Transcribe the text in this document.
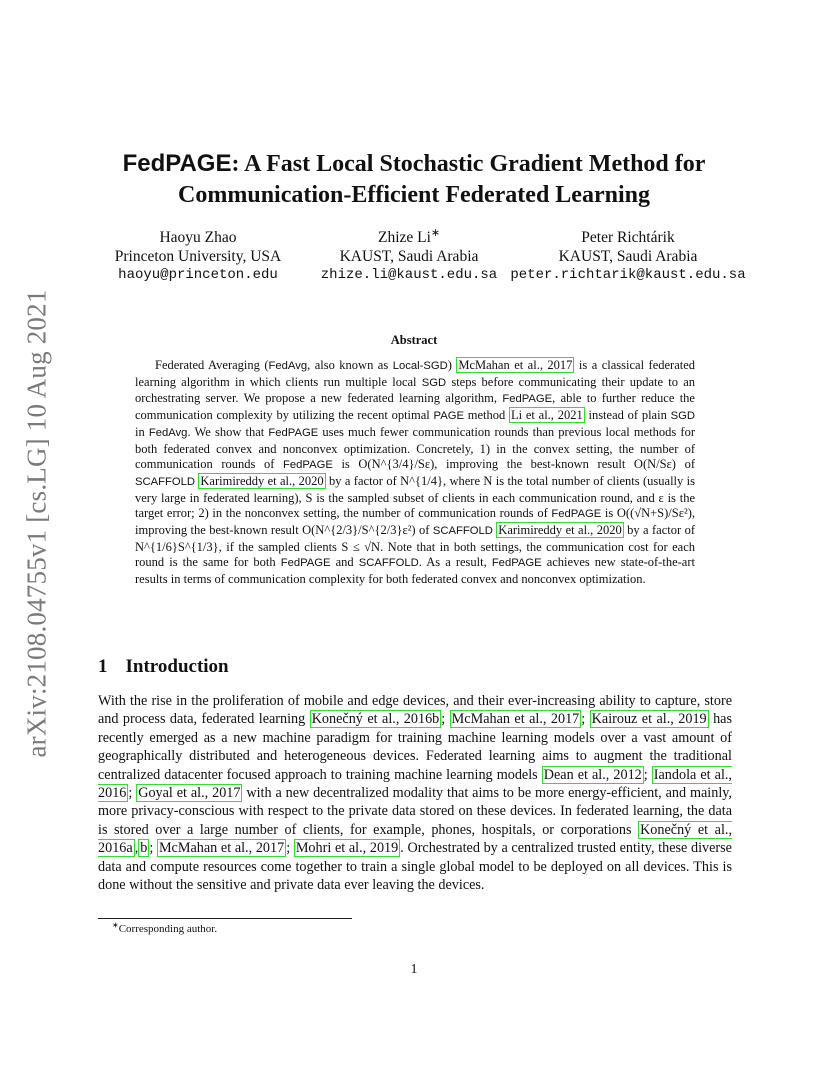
arXiv:2108.04755v1 [cs.LG] 10 Aug 2021
FedPAGE: A Fast Local Stochastic Gradient Method for
Communication-Efficient Federated Learning
Haoyu Zhao
Princeton University, USA
haoyu@princeton.edu
Zhize Li∗
KAUST, Saudi Arabia
zhize.li@kaust.edu.sa
Peter Richtárik
KAUST, Saudi Arabia
peter.richtarik@kaust.edu.sa
Abstract
Federated Averaging (FedAvg, also known as Local-SGD) McMahan et al., 2017 is a classical federated learning algorithm in which clients run multiple local SGD steps before communicating their update to an orchestrating server. We propose a new federated learning algorithm, FedPAGE, able to further reduce the communication complexity by utilizing the recent optimal PAGE method Li et al., 2021 instead of plain SGD in FedAvg. We show that FedPAGE uses much fewer communication rounds than previous local methods for both federated convex and nonconvex optimization. Concretely, 1) in the convex setting, the number of communication rounds of FedPAGE is O(N^{3/4}/Sε), improving the best-known result O(N/Sε) of SCAFFOLD Karimireddy et al., 2020 by a factor of N^{1/4}, where N is the total number of clients (usually is very large in federated learning), S is the sampled subset of clients in each communication round, and ε is the target error; 2) in the nonconvex setting, the number of communication rounds of FedPAGE is O((√N+S)/Sε²), improving the best-known result O(N^{2/3}/S^{2/3}ε²) of SCAFFOLD Karimireddy et al., 2020 by a factor of N^{1/6}S^{1/3}, if the sampled clients S ≤ √N. Note that in both settings, the communication cost for each round is the same for both FedPAGE and SCAFFOLD. As a result, FedPAGE achieves new state-of-the-art results in terms of communication complexity for both federated convex and nonconvex optimization.
1 Introduction
With the rise in the proliferation of mobile and edge devices, and their ever-increasing ability to capture, store and process data, federated learning Konečný et al., 2016b ; McMahan et al., 2017 ; Kairouz et al., 2019 has recently emerged as a new machine paradigm for training machine learning models over a vast amount of geographically distributed and heterogeneous devices. Federated learning aims to augment the traditional centralized datacenter focused approach to training machine learning models Dean et al., 2012 ; Iandola et al., 2016 ; Goyal et al., 2017 with a new decentralized modality that aims to be more energy-efficient, and mainly, more privacy-conscious with respect to the private data stored on these devices. In federated learning, the data is stored over a large number of clients, for example, phones, hospitals, or corporations Konečný et al., 2016a , b ; McMahan et al., 2017 ; Mohri et al., 2019 . Orchestrated by a centralized trusted entity, these diverse data and compute resources come together to train a single global model to be deployed on all devices. This is done without the sensitive and private data ever leaving the devices.
∗Corresponding author.
1
